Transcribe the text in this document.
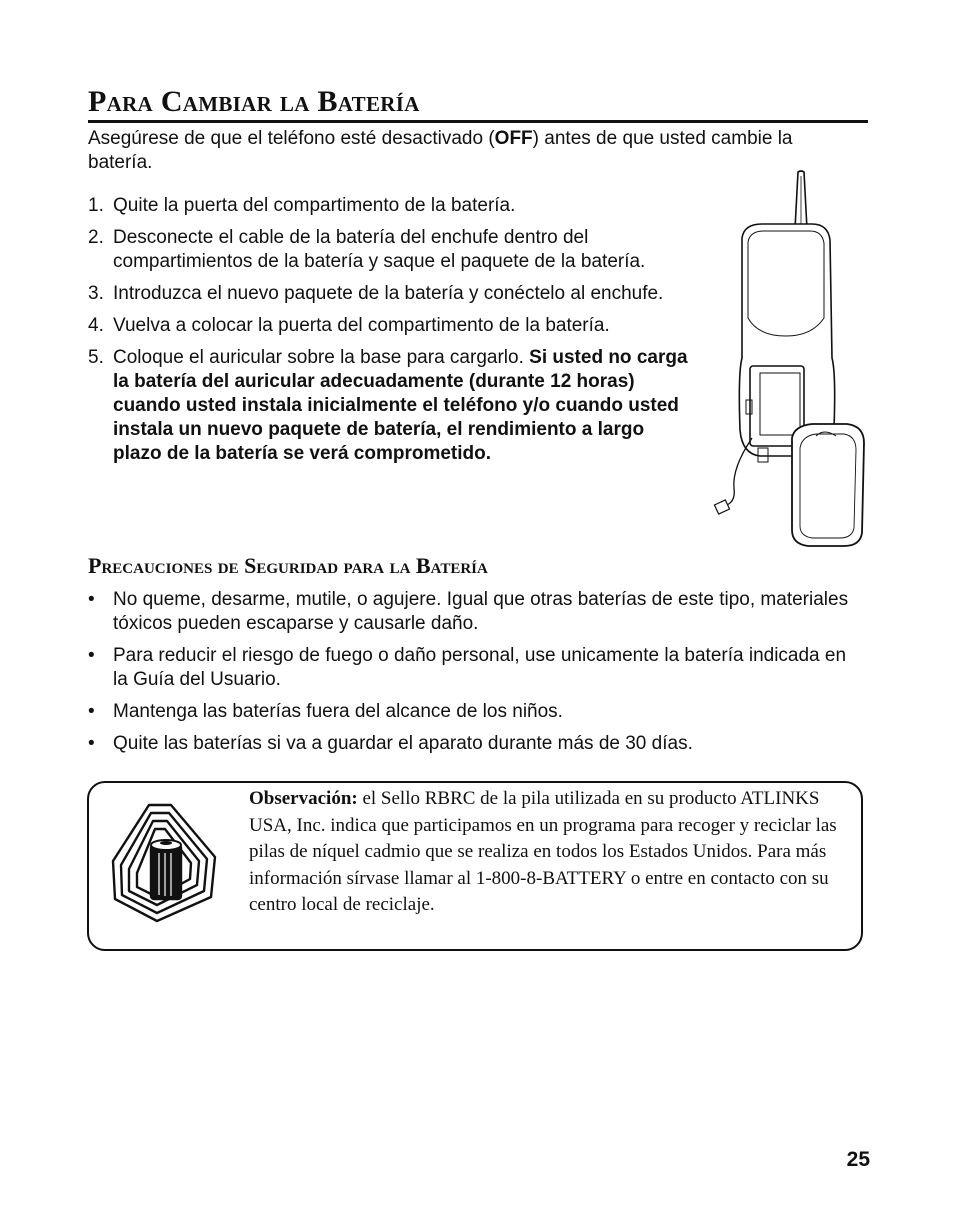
Para Cambiar la Batería
Asegúrese de que el teléfono esté desactivado (OFF) antes de que usted cambie la batería.
1. Quite la puerta del compartimento de la batería.
2. Desconecte el cable de la batería del enchufe dentro del compartimientos de la batería y saque el paquete de la batería.
3. Introduzca el nuevo paquete de la batería y conéctelo al enchufe.
4. Vuelva a colocar la puerta del compartimento de la batería.
5. Coloque el auricular sobre la base para cargarlo. Si usted no carga la batería del auricular adecuadamente (durante 12 horas) cuando usted instala inicialmente el teléfono y/o cuando usted instala un nuevo paquete de batería, el rendimiento a largo plazo de la batería se verá comprometido.
Precauciones de Seguridad para la Batería
• No queme, desarme, mutile, o agujere. Igual que otras baterías de este tipo, materiales tóxicos pueden escaparse y causarle daño.
• Para reducir el riesgo de fuego o daño personal, use unicamente la batería indicada en la Guía del Usuario.
• Mantenga las baterías fuera del alcance de los niños.
• Quite las baterías si va a guardar el aparato durante más de 30 días.
Observación: el Sello RBRC de la pila utilizada en su producto ATLINKS USA, Inc. indica que participamos en un programa para recoger y reciclar las pilas de níquel cadmio que se realiza en todos los Estados Unidos. Para más información sírvase llamar al 1-800-8-BATTERY o entre en contacto con su centro local de reciclaje.
25
